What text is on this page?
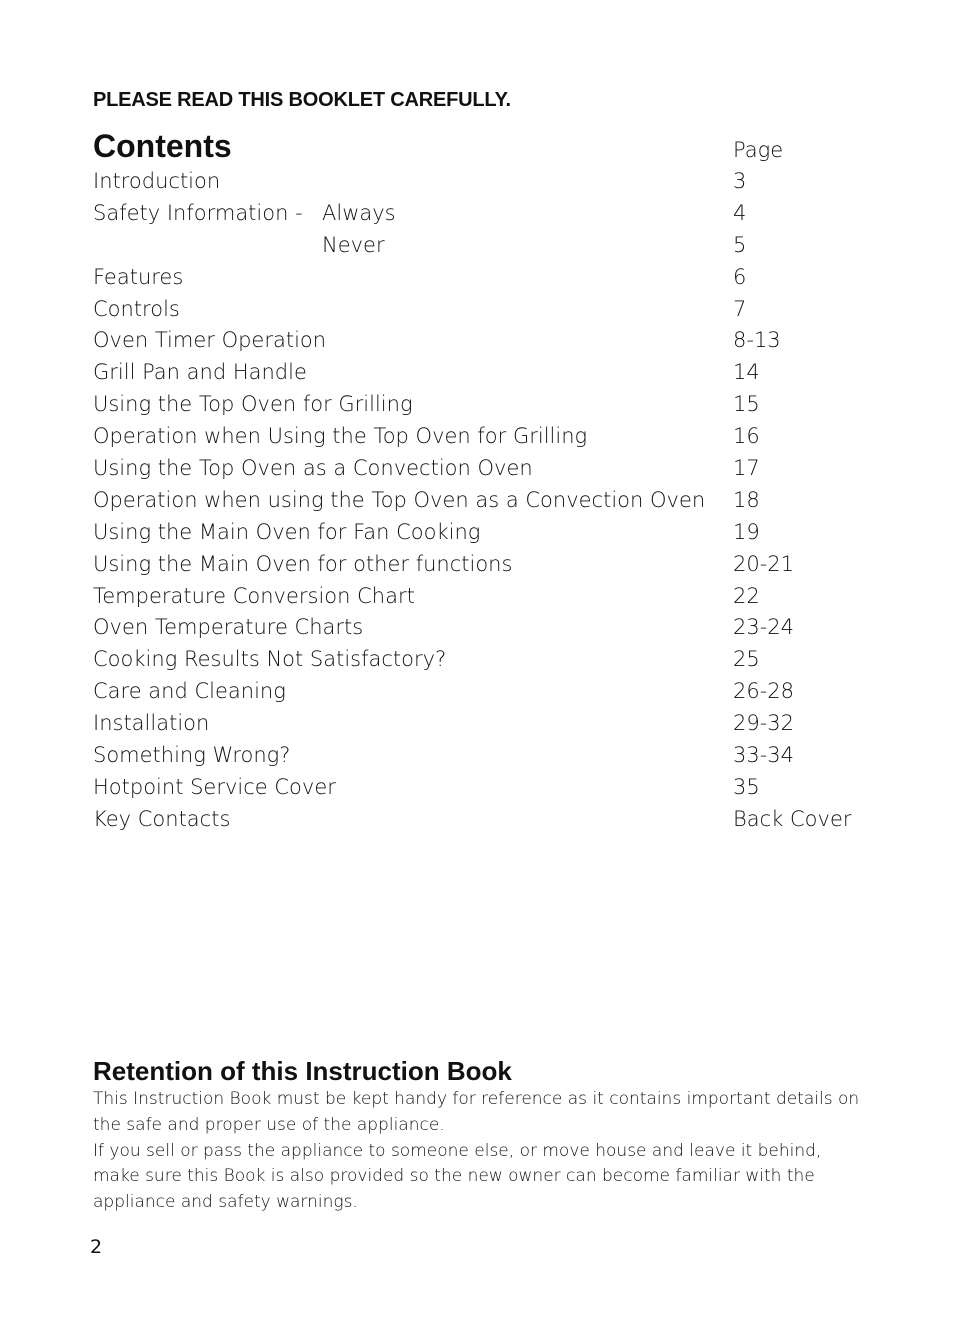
PLEASE READ THIS BOOKLET CAREFULLY.
Contents	Page
Introduction	3
Safety Information - Always	4
Never	5
Features	6
Controls	7
Oven Timer Operation	8-13
Grill Pan and Handle	14
Using the Top Oven for Grilling	15
Operation when Using the Top Oven for Grilling	16
Using the Top Oven as a Convection Oven	17
Operation when using the Top Oven as a Convection Oven 18
Using the Main Oven for Fan Cooking	19
Using the Main Oven for other functions	20-21
Temperature Conversion Chart	22
Oven Temperature Charts	23-24
Cooking Results Not Satisfactory?	25
Care and Cleaning	26-28
Installation	29-32
Something Wrong?	33-34
Hotpoint Service Cover	35
Key Contacts	Back Cover
Retention of this Instruction Book

This Instruction Book must be kept handy for reference as it contains important details on the safe and proper use of the appliance.

If you sell or pass the appliance to someone else, or move house and leave it behind, make sure this Book is also provided so the new owner can become familiar with the appliance and safety warnings.

2
